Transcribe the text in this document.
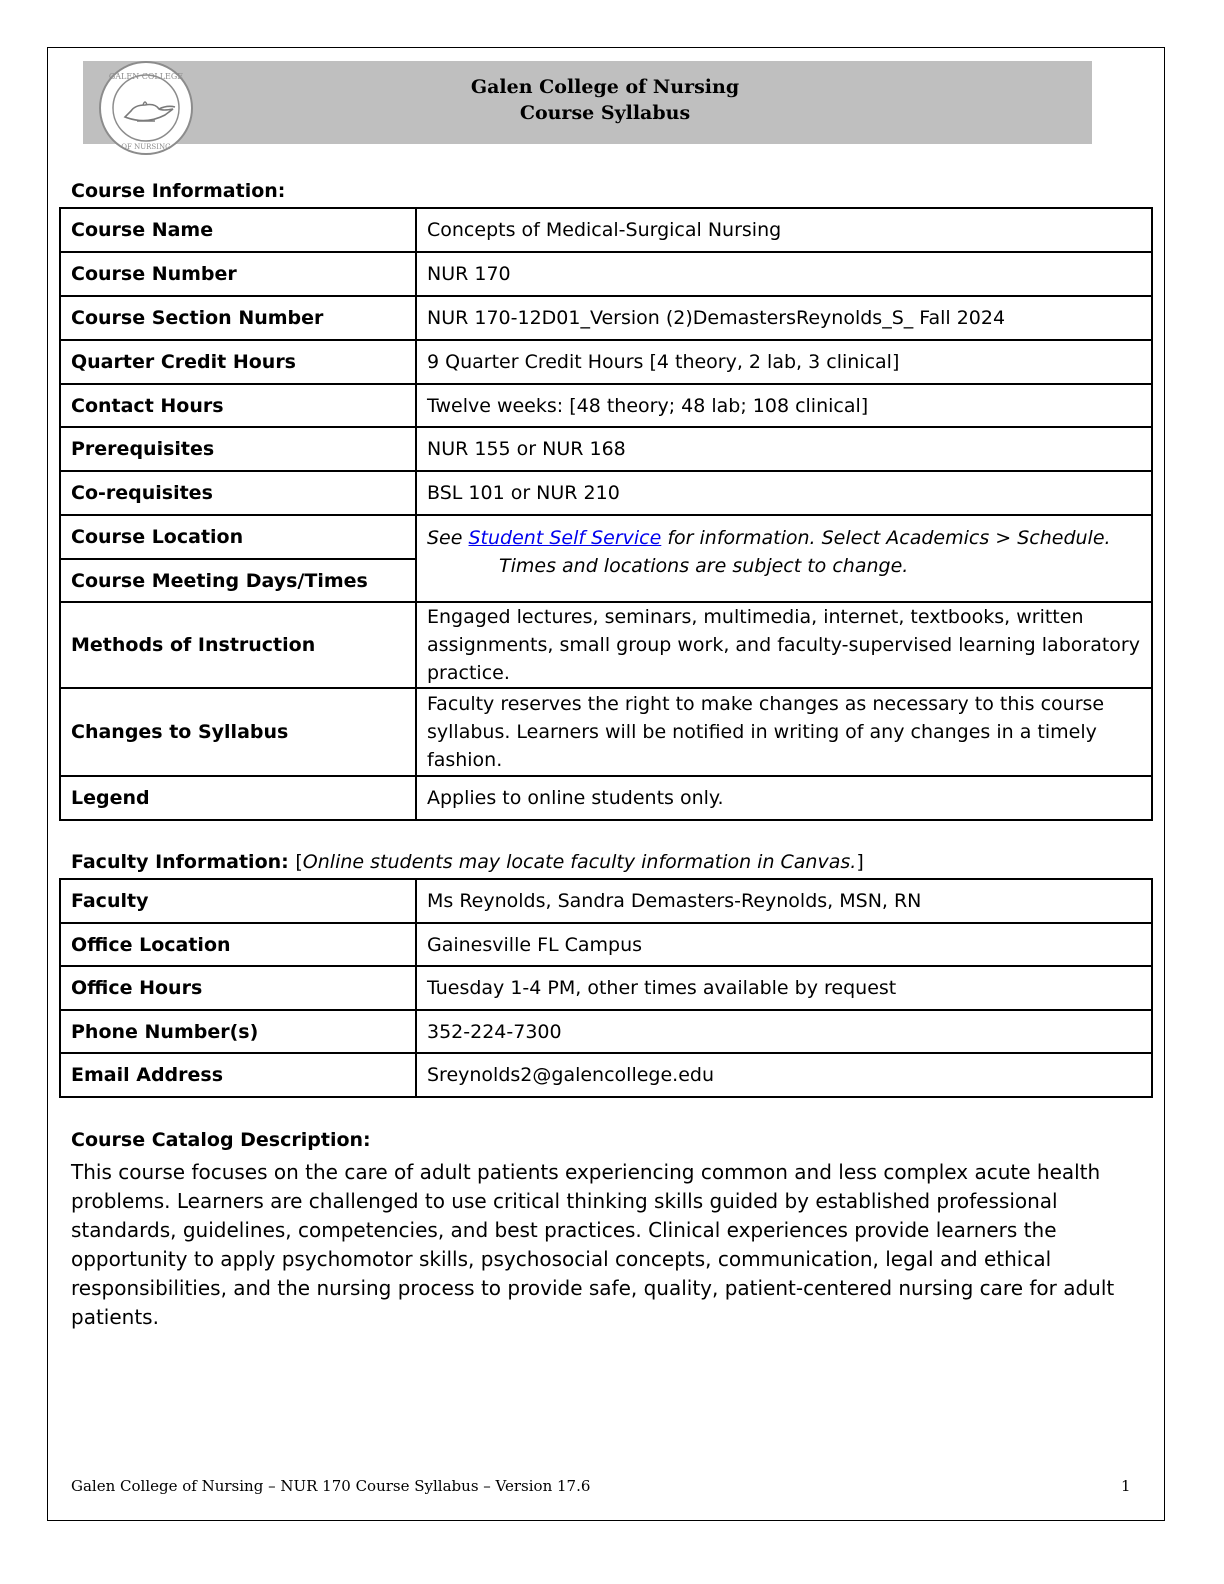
GALEN COLLEGE
OF NURSING
Galen College of Nursing
Course Syllabus
Course Information:
Course Name	Concepts of Medical-Surgical Nursing
Course Number	NUR 170
Course Section Number	NUR 170-12D01_Version (2)DemastersReynolds_S_ Fall 2024
Quarter Credit Hours	9 Quarter Credit Hours [4 theory, 2 lab, 3 clinical]
Contact Hours	Twelve weeks: [48 theory; 48 lab; 108 clinical]
Prerequisites	NUR 155 or NUR 168
Co-requisites	BSL 101 or NUR 210
Course Location	See Student Self Service for information. Select Academics > Schedule.
Times and locations are subject to change.

Course Meeting Days/Times	
Methods of Instruction	Engaged lectures, seminars, multimedia, internet, textbooks, written assignments, small group work, and faculty-supervised learning laboratory practice.
Changes to Syllabus	Faculty reserves the right to make changes as necessary to this course syllabus. Learners will be notified in writing of any changes in a timely fashion.
Legend	Applies to online students only.
Faculty Information: [Online students may locate faculty information in Canvas.]
Faculty	Ms Reynolds, Sandra Demasters-Reynolds, MSN, RN
Office Location	Gainesville FL Campus
Office Hours	Tuesday 1-4 PM, other times available by request
Phone Number(s)	352-224-7300
Email Address	Sreynolds2@galencollege.edu
Course Catalog Description:
This course focuses on the care of adult patients experiencing common and less complex acute health problems. Learners are challenged to use critical thinking skills guided by established professional standards, guidelines, competencies, and best practices. Clinical experiences provide learners the opportunity to apply psychomotor skills, psychosocial concepts, communication, legal and ethical responsibilities, and the nursing process to provide safe, quality, patient-centered nursing care for adult patients.
Galen College of Nursing – NUR 170 Course Syllabus – Version 17.6	1
